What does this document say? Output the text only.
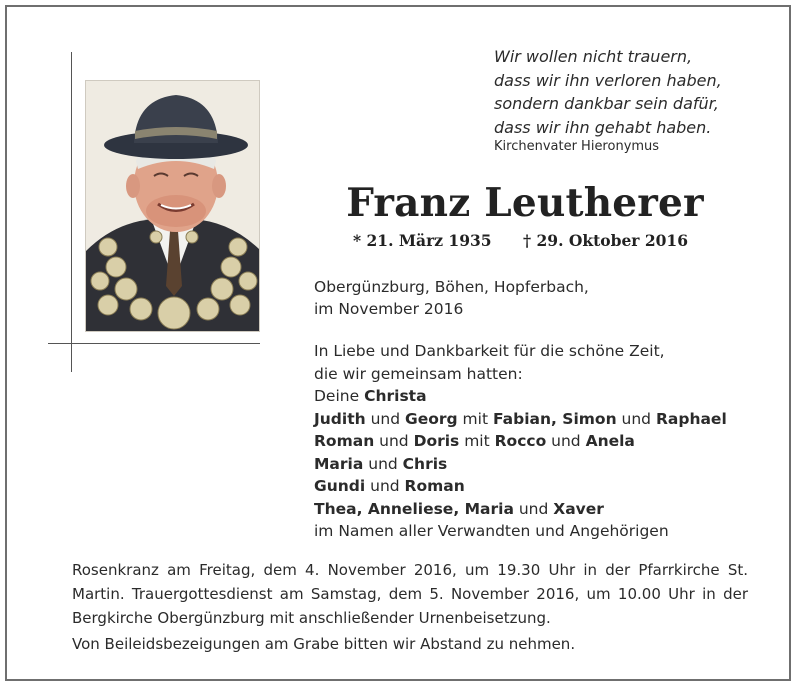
Wir wollen nicht trauern,
dass wir ihn verloren haben,
sondern dankbar sein dafür,
dass wir ihn gehabt haben.
Kirchenvater Hieronymus
Franz Leutherer
* 21. März 1935 † 29. Oktober 2016
Obergünzburg, Böhen, Hopferbach,
im November 2016
In Liebe und Dankbarkeit für die schöne Zeit,
die wir gemeinsam hatten:
Deine Christa
Judith und Georg mit Fabian, Simon und Raphael
Roman und Doris mit Rocco und Anela
Maria und Chris
Gundi und Roman
Thea, Anneliese, Maria und Xaver
im Namen aller Verwandten und Angehörigen
Rosenkranz am Freitag, dem 4. November 2016, um 19.30 Uhr in der Pfarrkirche St. Martin. Trauergottesdienst am Samstag, dem 5. November 2016, um 10.00 Uhr in der Bergkirche Obergünzburg mit anschließender Urnenbeisetzung.
Von Beileidsbezeigungen am Grabe bitten wir Abstand zu nehmen.
